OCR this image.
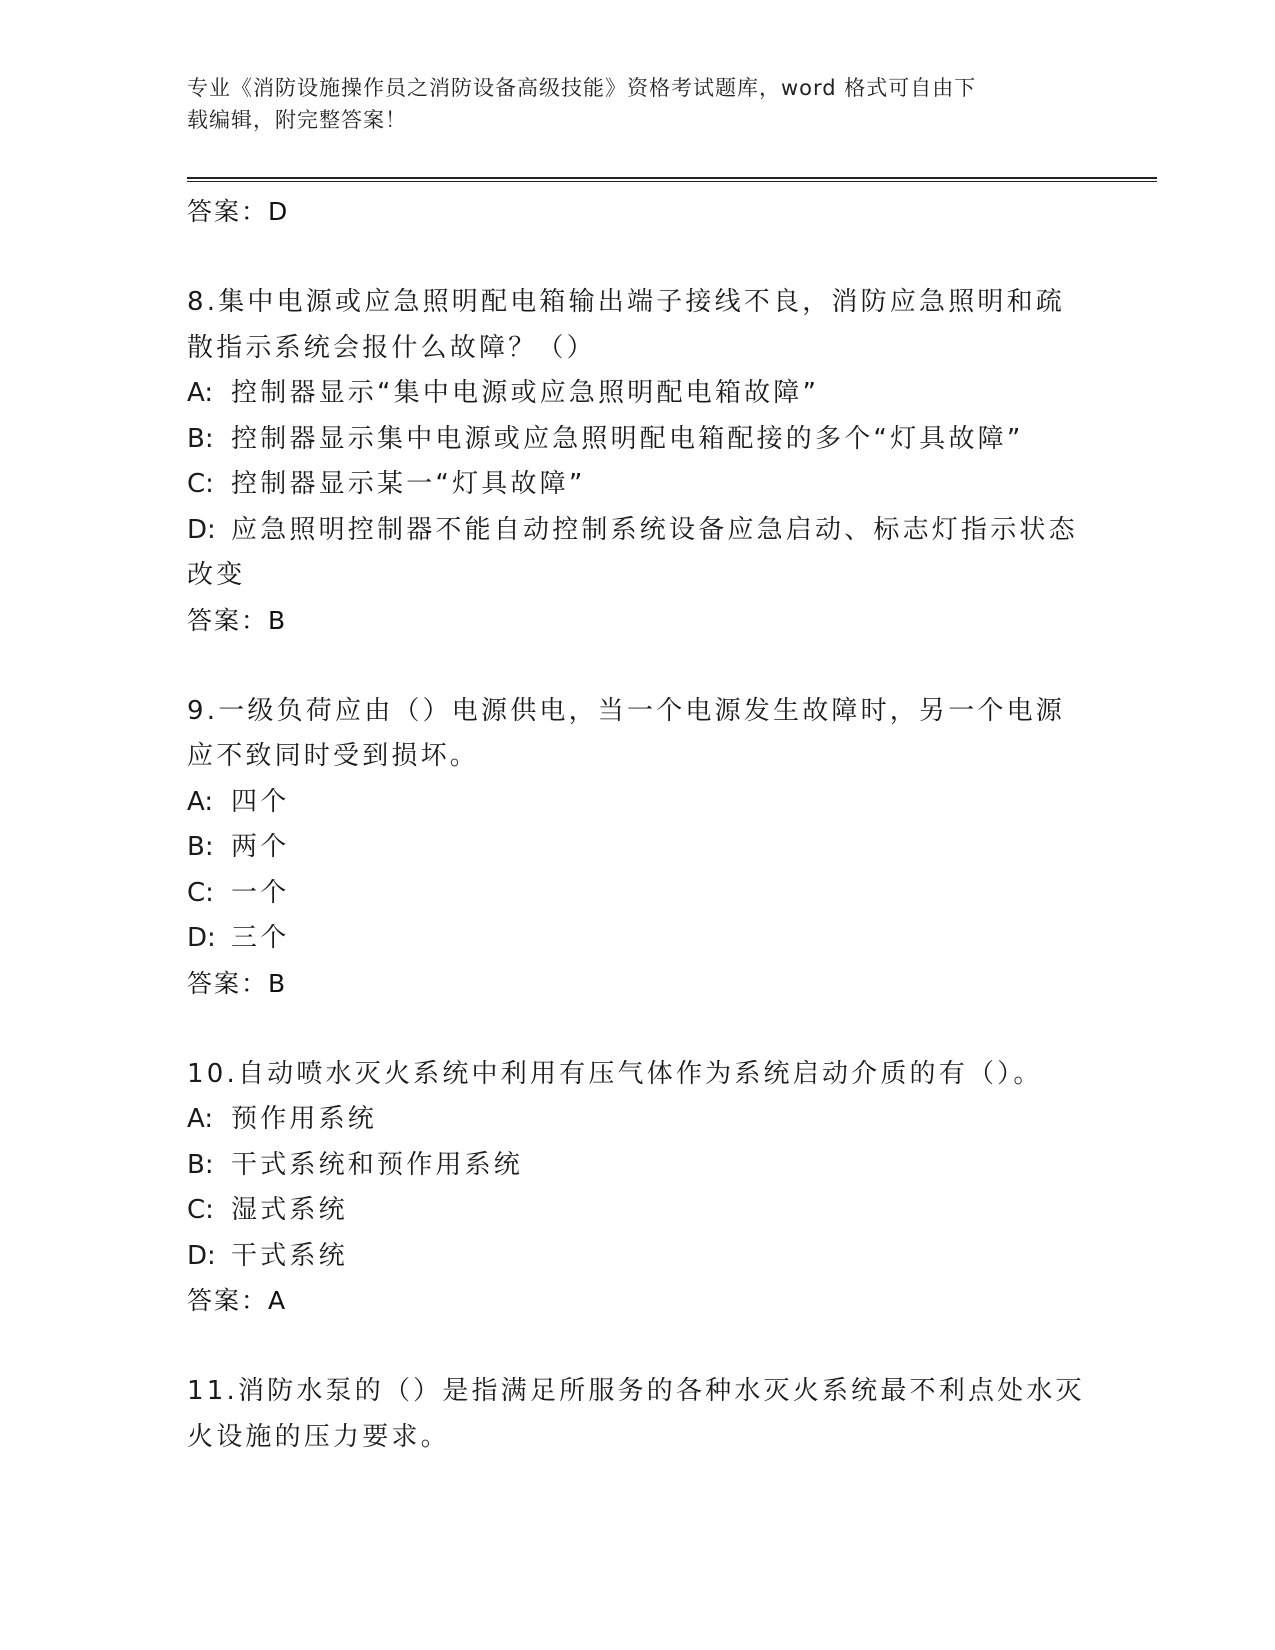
专业《消防设施操作员之消防设备高级技能》资格考试题库，word 格式可自由下
载编辑，附完整答案！
答案：D
8.集中电源或应急照明配电箱输出端子接线不良，消防应急照明和疏散指示系统会报什么故障？（）
A: 控制器显示“集中电源或应急照明配电箱故障”
B: 控制器显示集中电源或应急照明配电箱配接的多个“灯具故障”
C: 控制器显示某一“灯具故障”
D: 应急照明控制器不能自动控制系统设备应急启动、标志灯指示状态改变
答案：B
9.一级负荷应由（）电源供电，当一个电源发生故障时，另一个电源应不致同时受到损坏。
A: 四个
B: 两个
C: 一个
D: 三个
答案：B
10.自动喷水灭火系统中利用有压气体作为系统启动介质的有（）。
A: 预作用系统
B: 干式系统和预作用系统
C: 湿式系统
D: 干式系统
答案：A
11.消防水泵的（）是指满足所服务的各种水灭火系统最不利点处水灭火设施的压力要求。
